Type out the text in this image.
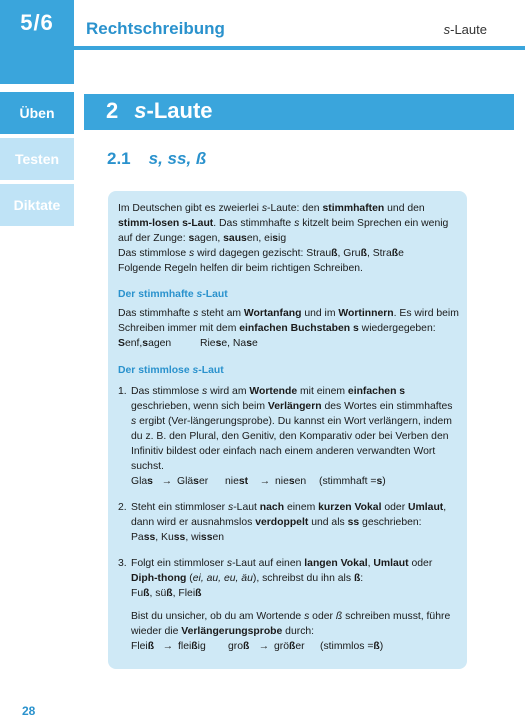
5/6
Üben
Testen
Diktate
Rechtschreibung	s-Laute
2 s-Laute
2.1 s, ss, ß

Im Deutschen gibt es zweierlei s-Laute: den stimmhaften und den stimm-losen s-Laut. Das stimmhafte s kitzelt beim Sprechen ein wenig auf der Zunge: sagen, sausen, eisig
Das stimmlose s wird dagegen gezischt: Strauß, Gruß, Straße
Folgende Regeln helfen dir beim richtigen Schreiben.

Der stimmhafte s-Laut

Das stimmhafte s steht am Wortanfang und im Wortinnern. Es wird beim Schreiben immer mit dem einfachen Buchstaben s wiedergegeben:

Senf,sagen	Riese, Nase
Der stimmlose s-Laut
1. Das stimmlose s wird am Wortende mit einem einfachen s geschrieben, wenn sich beim Verlängern des Wortes ein stimmhaftes s ergibt (Ver-längerungsprobe). Du kannst ein Wort verlängern, indem du z. B. den Plural, den Genitiv, den Komparativ oder bei Verben den Infinitiv bildest oder einfach nach einem anderen verwandten Wort suchst.
Glas → Gläser	niest	→ niesen	(stimmhaft =s)
2. Steht ein stimmloser s-Laut nach einem kurzen Vokal oder Umlaut, dann wird er ausnahmslos verdoppelt und als ss geschrieben:
Pass, Kuss, wissen
3. Folgt ein stimmloser s-Laut auf einen langen Vokal, Umlaut oder Diph-thong (ei, au, eu, äu), schreibst du ihn als ß:
Fuß, süß, Fleiß
Bist du unsicher, ob du am Wortende s oder ß schreiben musst, führe wieder die Verlängerungsprobe durch:
Fleiß → fleißig	groß → größer	(stimmlos =ß)
28
